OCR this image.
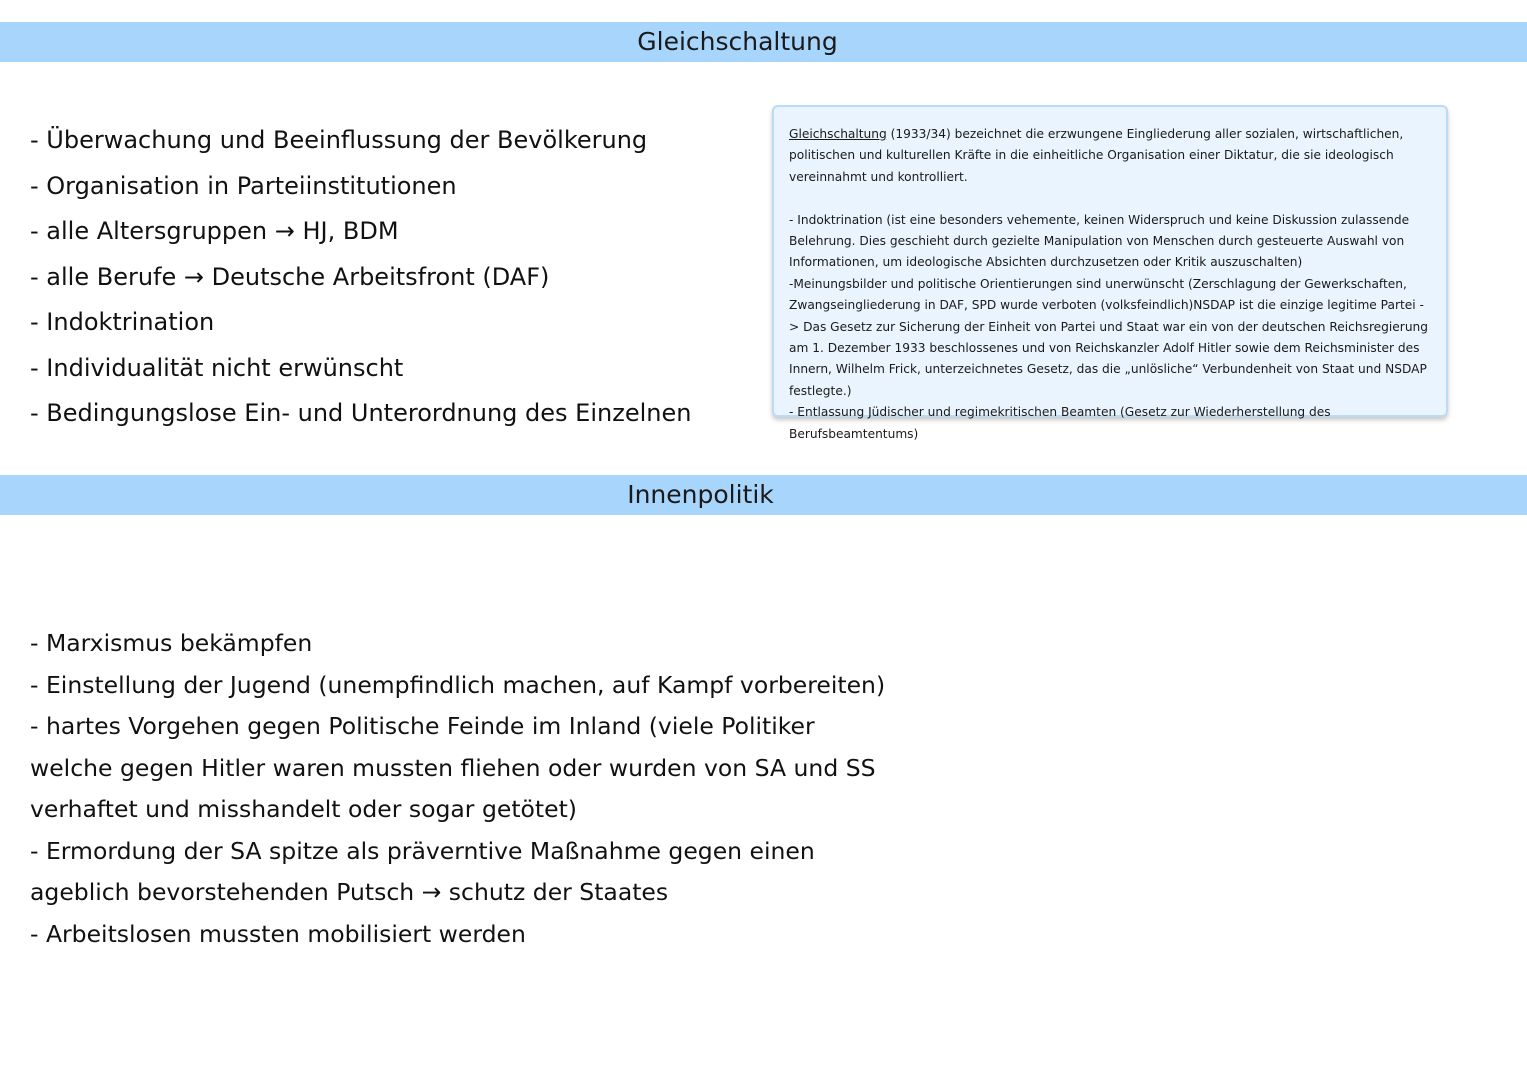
Gleichschaltung
- Überwachung und Beeinflussung der Bevölkerung
- Organisation in Parteiinstitutionen
- alle Altersgruppen → HJ, BDM
- alle Berufe → Deutsche Arbeitsfront (DAF)
- Indoktrination
- Individualität nicht erwünscht
- Bedingungslose Ein- und Unterordnung des Einzelnen

Gleichschaltung (1933/34) bezeichnet die erzwungene Eingliederung aller sozialen, wirtschaftlichen, politischen und kulturellen Kräfte in die einheitliche Organisation einer Diktatur, die sie ideologisch vereinnahmt und kontrolliert.

- Indoktrination (ist eine besonders vehemente, keinen Widerspruch und keine Diskussion zulassende Belehrung. Dies geschieht durch gezielte Manipulation von Menschen durch gesteuerte Auswahl von Informationen, um ideologische Absichten durchzusetzen oder Kritik auszuschalten)

-Meinungsbilder und politische Orientierungen sind unerwünscht (Zerschlagung der Gewerkschaften, Zwangseingliederung in DAF, SPD wurde verboten (volksfeindlich)NSDAP ist die einzige legitime Partei - > Das Gesetz zur Sicherung der Einheit von Partei und Staat war ein von der deutschen Reichsregierung am 1. Dezember 1933 beschlossenes und von Reichskanzler Adolf Hitler sowie dem Reichsminister des Innern, Wilhelm Frick, unterzeichnetes Gesetz, das die „unlösliche“ Verbundenheit von Staat und NSDAP festlegte.)

- Entlassung Jüdischer und regimekritischen Beamten (Gesetz zur Wiederherstellung des Berufsbeamtentums)

Innenpolitik
- Marxismus bekämpfen
- Einstellung der Jugend (unempfindlich machen, auf Kampf vorbereiten)
- hartes Vorgehen gegen Politische Feinde im Inland (viele Politiker welche gegen Hitler waren mussten fliehen oder wurden von SA und SS verhaftet und misshandelt oder sogar getötet)
- Ermordung der SA spitze als präverntive Maßnahme gegen einen ageblich bevorstehenden Putsch → schutz der Staates
- Arbeitslosen mussten mobilisiert werden
